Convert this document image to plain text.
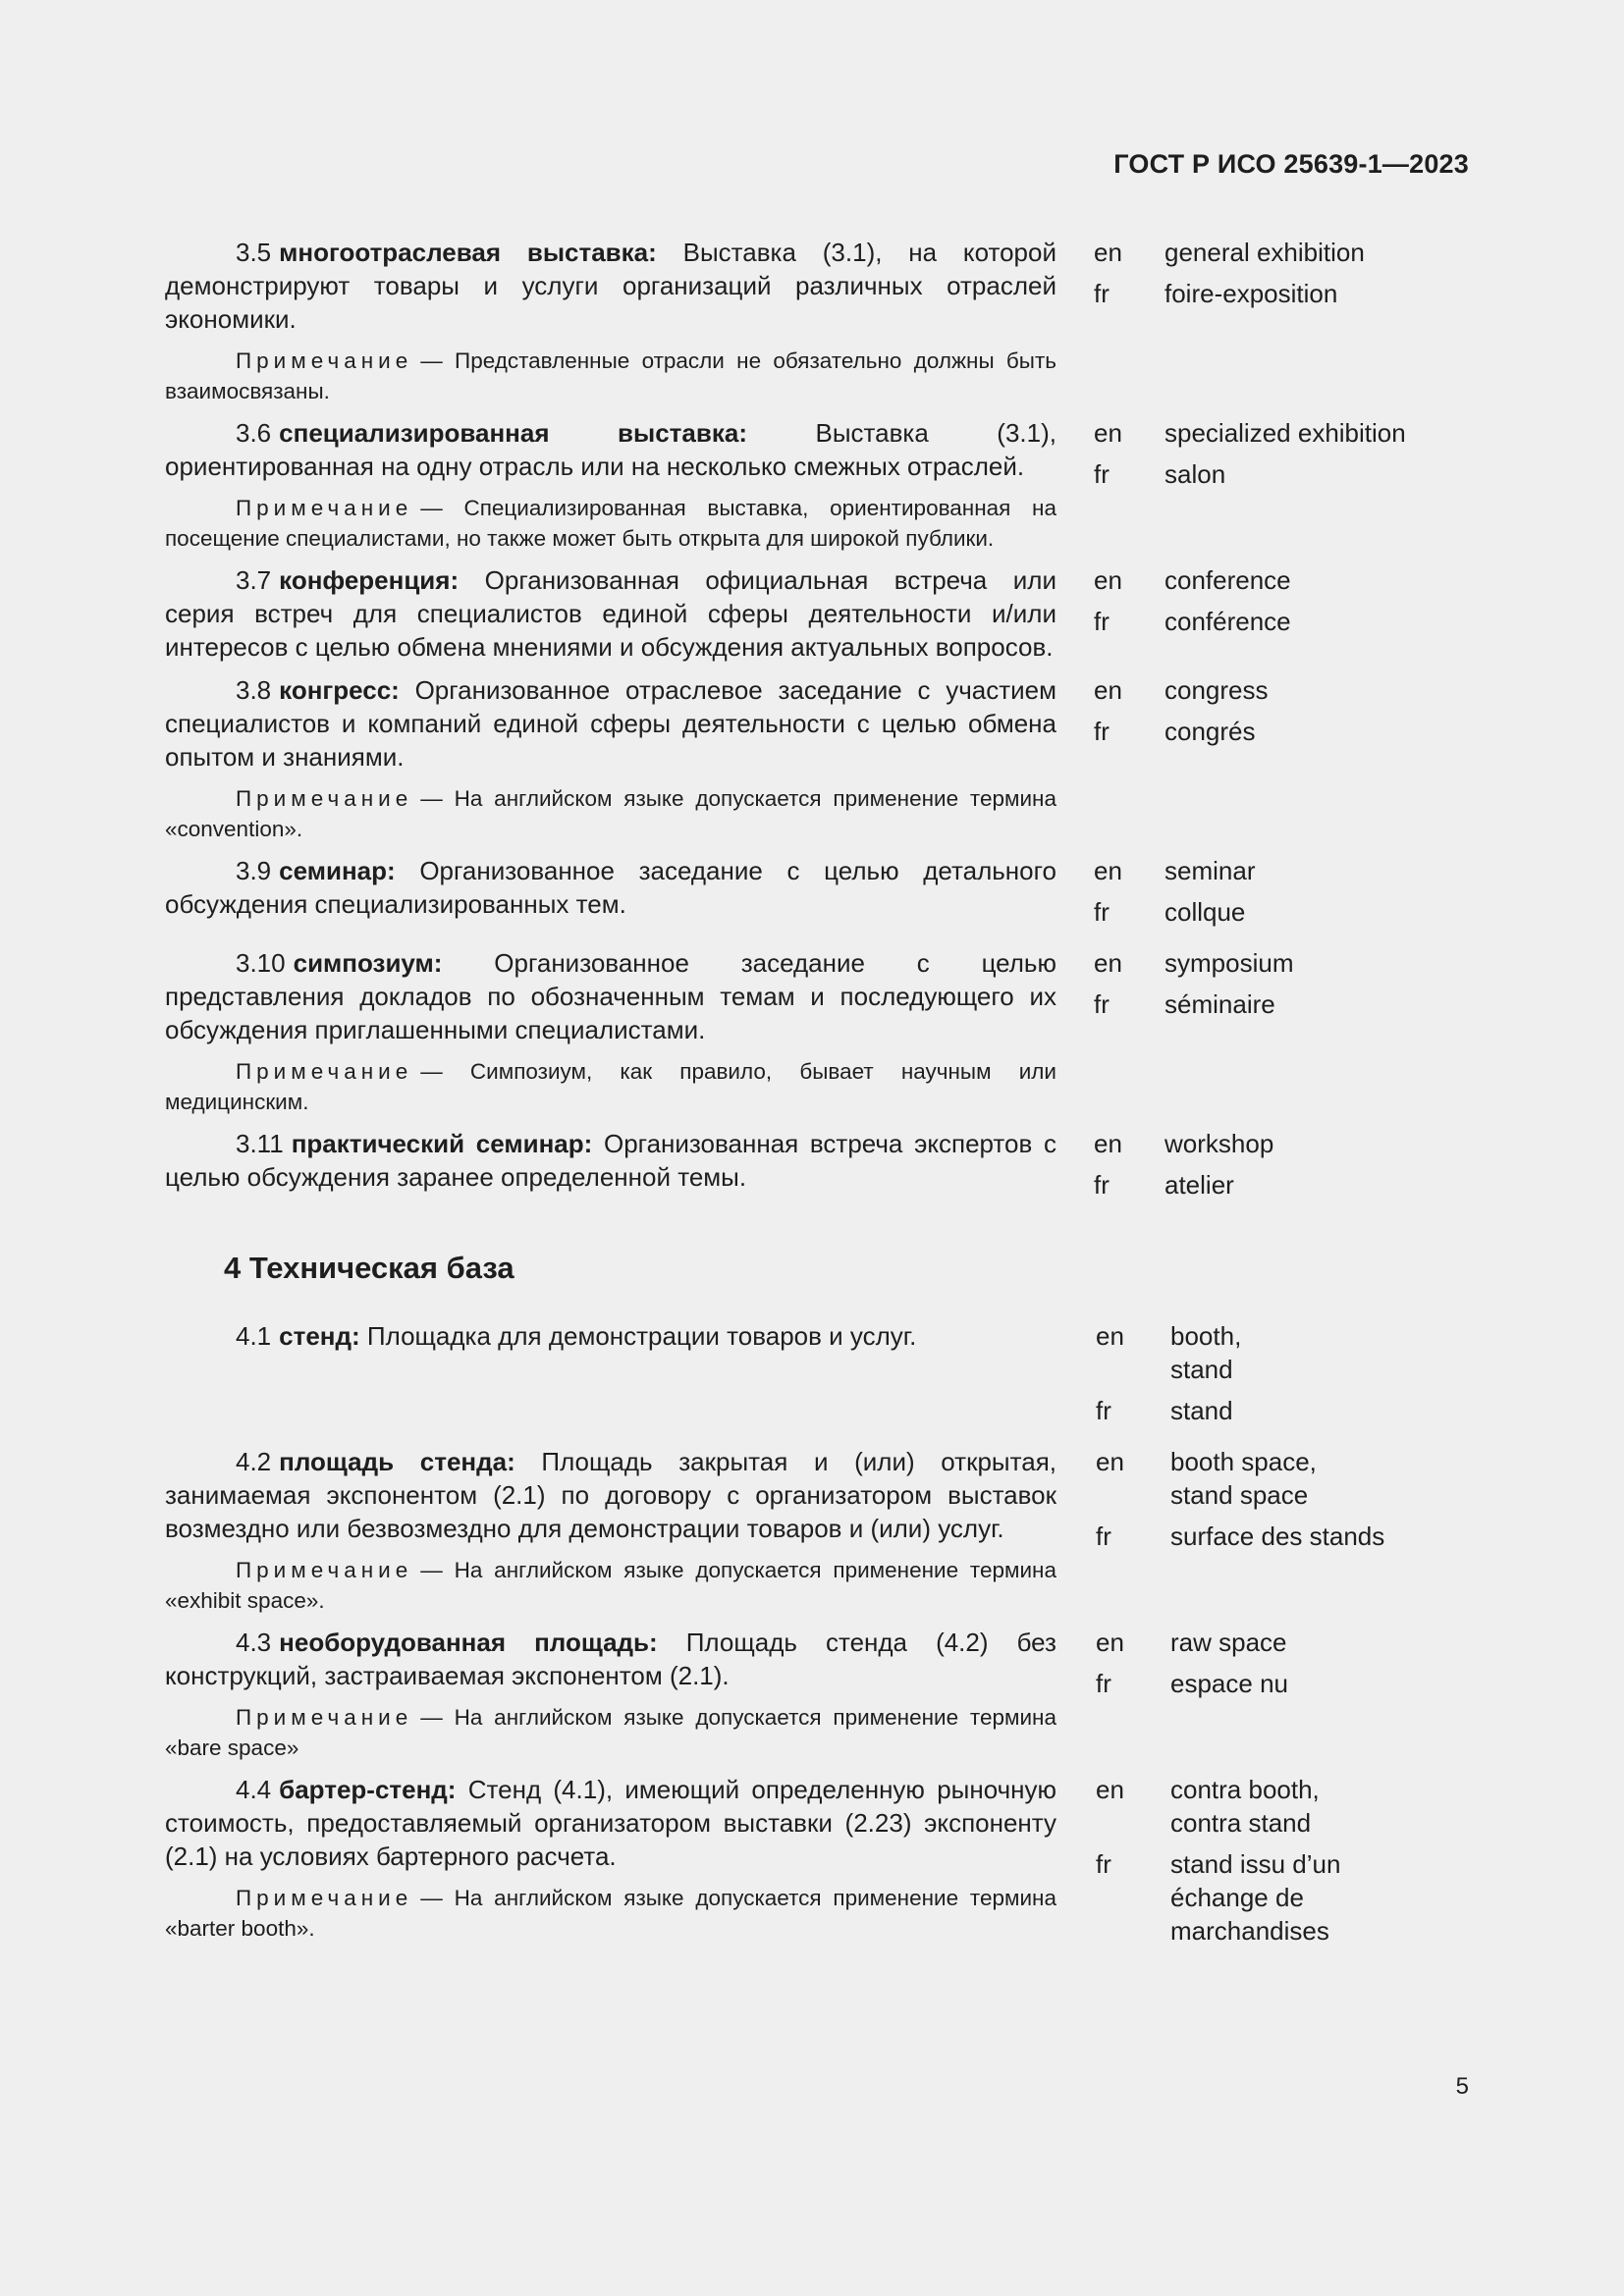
ГОСТ Р ИСО 25639-1—2023

3.5 многоотраслевая выставка: Выставка (3.1), на которой демонстрируют товары и услуги организаций различных отраслей экономики.

Примечание — Представленные отрасли не обязательно должны быть взаимосвязаны.

en	general exhibition
fr	foire-exposition

3.6 специализированная выставка:	Выставка (3.1), ориентированная на одну отрасль или на несколько смежных отраслей.

Примечание — Специализированная выставка, ориентированная на посещение специалистами, но также может быть открыта для широкой публики.

en	specialized exhibition
fr	salon

3.7 конференция: Организованная официальная встреча или серия встреч для специалистов единой сферы деятельности и/или интересов с целью обмена мнениями и обсуждения актуальных вопросов.

en	conference
fr	conférence

3.8 конгресс: Организованное отраслевое заседание с участием специалистов и компаний единой сферы деятельности с целью обмена опытом и знаниями.

Примечание — На английском языке допускается применение термина «convention».

en	congress
fr	congrés

3.9 семинар: Организованное заседание с целью детального обсуждения специализированных тем.

en	seminar
fr	collque

3.10 симпозиум: Организованное заседание с целью представления докладов по обозначенным темам и последующего их обсуждения приглашенными специалистами.

Примечание — Симпозиум, как правило, бывает научным или медицинским.

en	symposium
fr	séminaire

3.11 практический семинар: Организованная встреча экспертов с целью обсуждения заранее определенной темы.

en	workshop
fr	atelier
4 Техническая база

4.1 стенд: Площадка для демонстрации товаров и услуг.	en	booth,
stand
fr	stand

4.2 площадь стенда: Площадь закрытая и (или) открытая, занимаемая экспонентом (2.1) по договору с организатором выставок возмездно или безвозмездно для демонстрации товаров и (или) услуг.

Примечание — На английском языке допускается применение термина «exhibit space».

en	booth space,
stand space
fr	surface des stands

4.3 необорудованная площадь: Площадь стенда (4.2) без конструкций, застраиваемая экспонентом (2.1).

Примечание — На английском языке допускается применение термина «bare space»

en	raw space
fr	espace nu

4.4 бартер-стенд: Стенд (4.1), имеющий определенную рыночную стоимость, предоставляемый организатором выставки (2.23) экспоненту (2.1) на условиях бартерного расчета.

Примечание — На английском языке допускается применение термина «barter booth».

en	contra booth,
contra stand
fr	stand issu d’un
échange de
marchandises
5
